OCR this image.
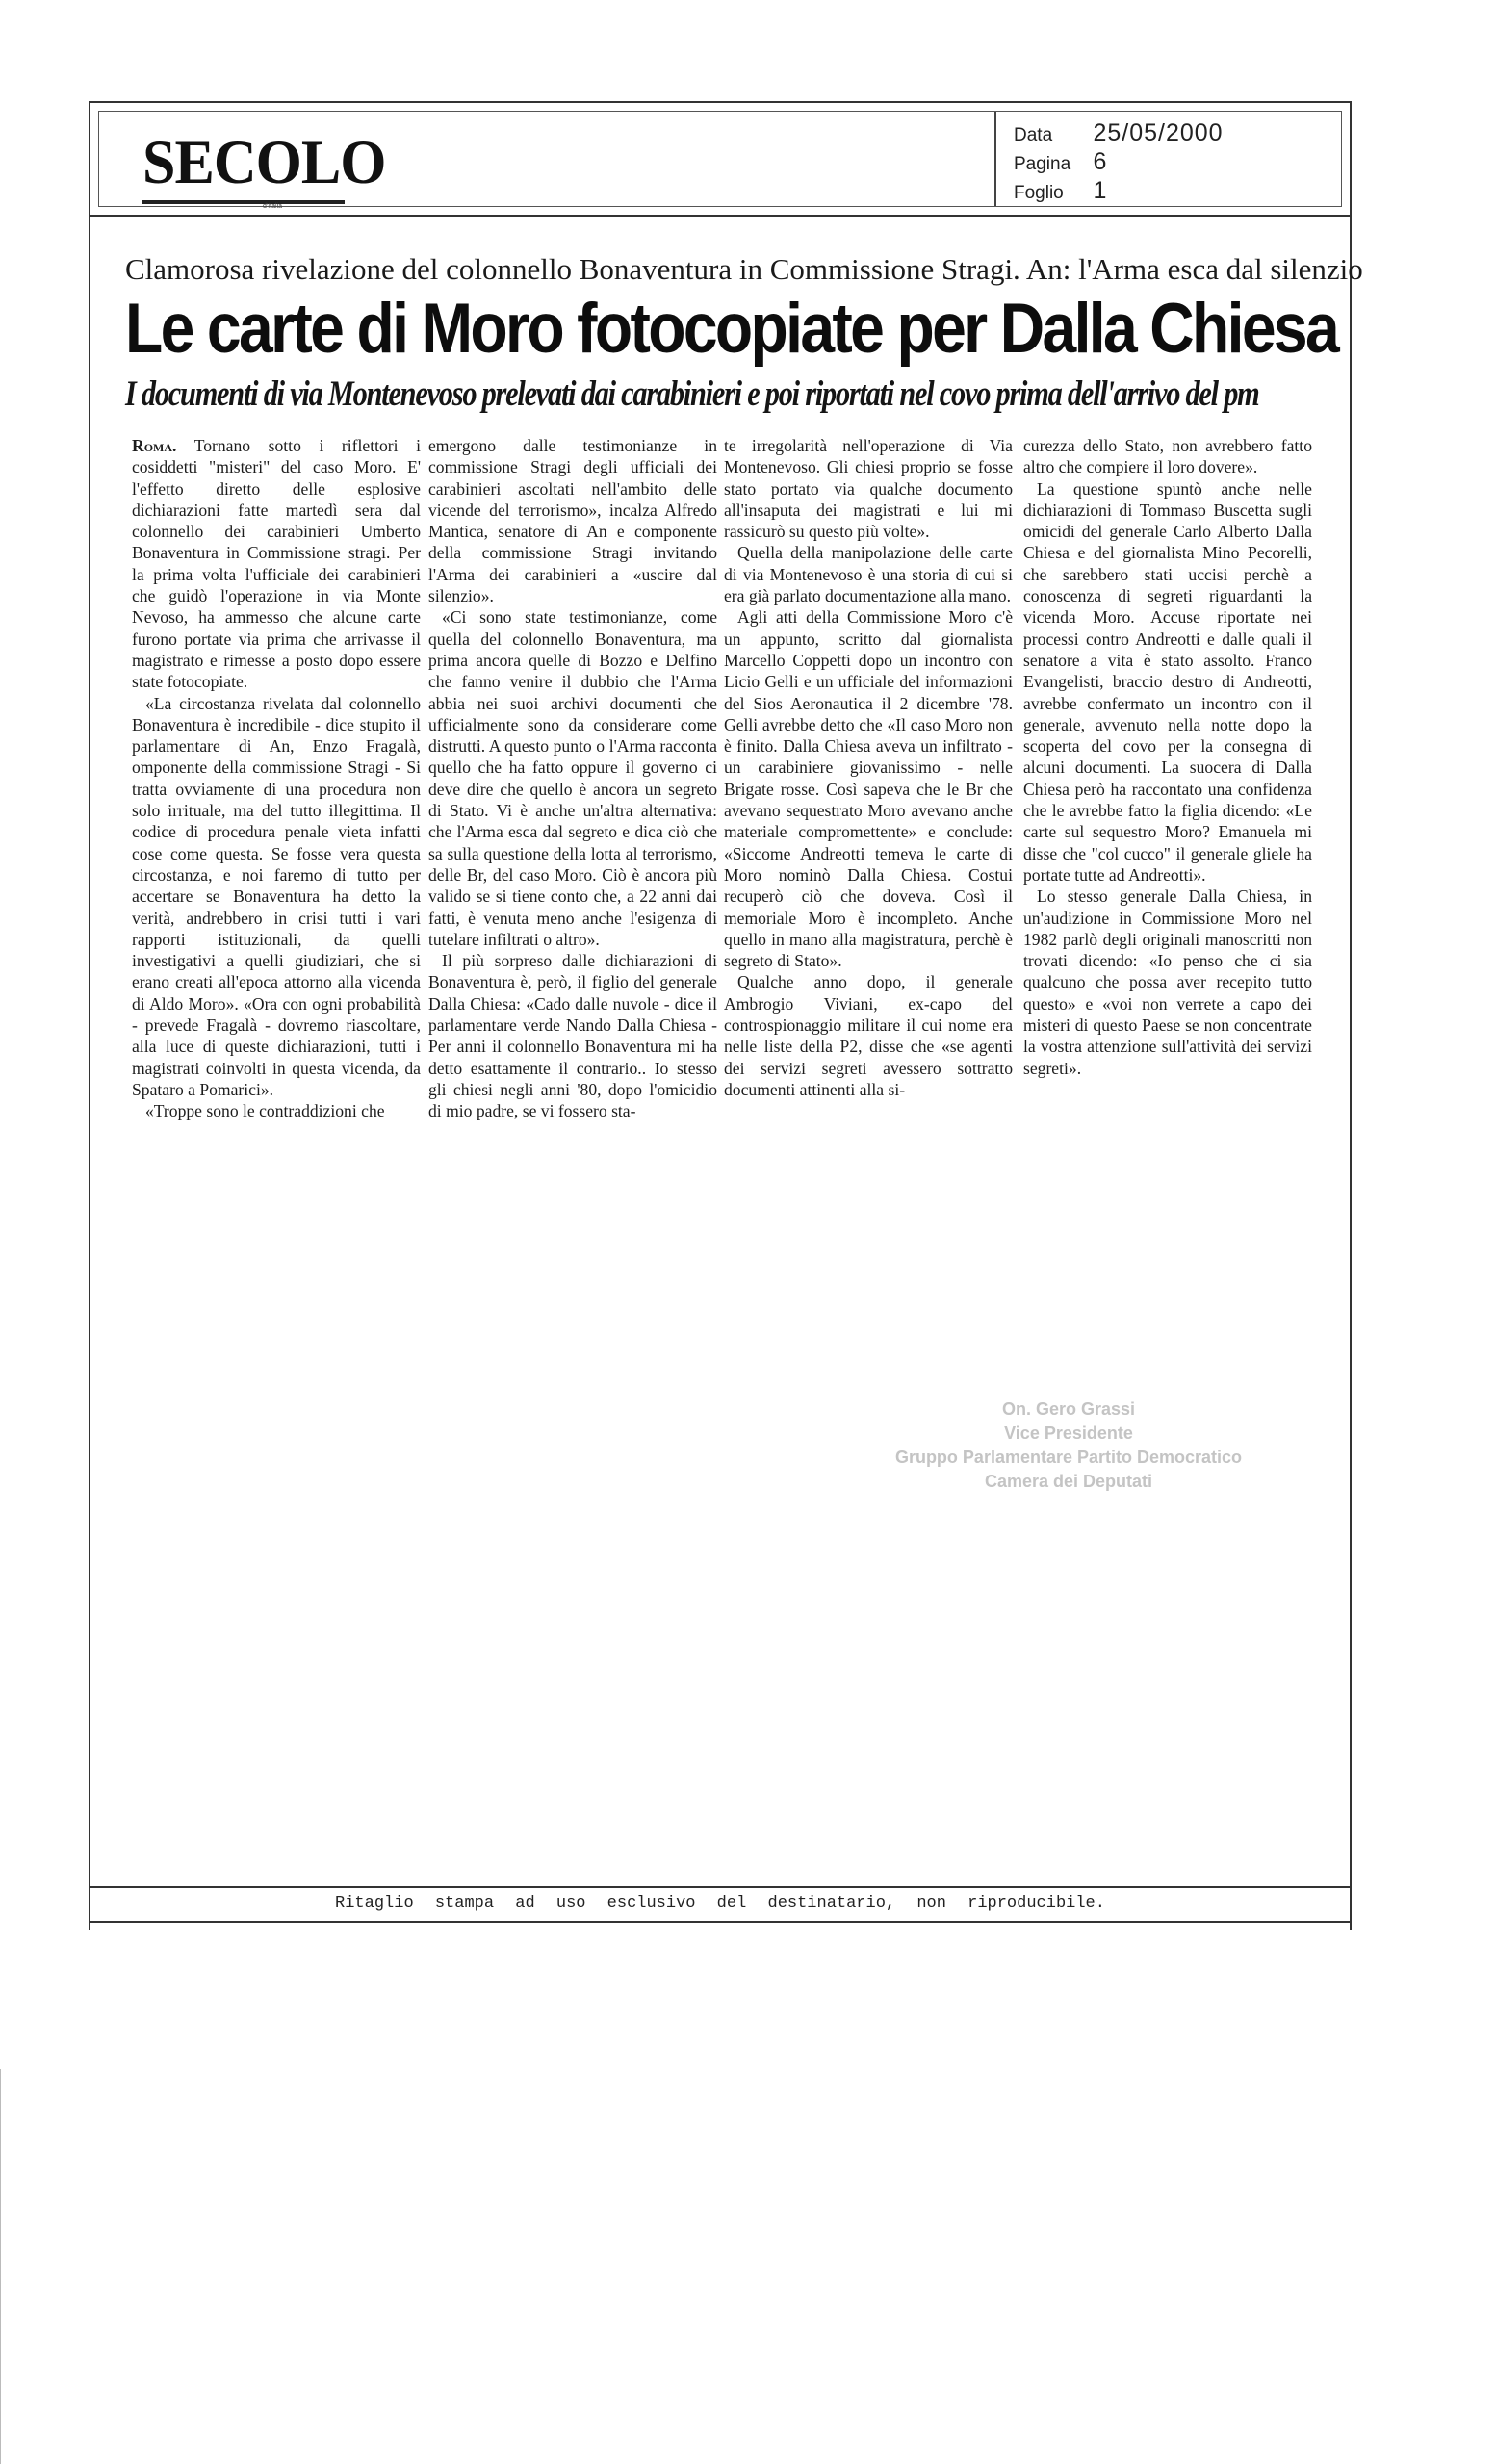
SECOLO
d'Italia
Data 25/05/2000
Pagina 6
Foglio 1
Clamorosa rivelazione del colonnello Bonaventura in Commissione Stragi. An: l'Arma esca dal silenzio
Le carte di Moro fotocopiate per Dalla Chiesa
I documenti di via Montenevoso prelevati dai carabinieri e poi riportati nel covo prima dell'arrivo del pm

Roma. Tornano sotto i riflettori i cosiddetti "misteri" del caso Moro. E' l'effetto diretto delle esplosive dichiarazioni fatte martedì sera dal colonnello dei carabinieri Umberto Bonaventura in Commissione stragi. Per la prima volta l'ufficiale dei carabinieri che guidò l'operazione in via Monte Nevoso, ha ammesso che alcune carte furono portate via prima che arrivasse il magistrato e rimesse a posto dopo essere state fotocopiate.

«La circostanza rivelata dal colonnello Bonaventura è incredibile - dice stupito il parlamentare di An, Enzo Fragalà, omponente della commissione Stragi - Si tratta ovviamente di una procedura non solo irrituale, ma del tutto illegittima. Il codice di procedura penale vieta infatti cose come questa. Se fosse vera questa circostanza, e noi faremo di tutto per accertare se Bonaventura ha detto la verità, andrebbero in crisi tutti i vari rapporti istituzionali, da quelli investigativi a quelli giudiziari, che si erano creati all'epoca attorno alla vicenda di Aldo Moro». «Ora con ogni probabilità - prevede Fragalà - dovremo riascoltare, alla luce di queste dichiarazioni, tutti i magistrati coinvolti in questa vicenda, da Spataro a Pomarici».

«Troppe sono le contraddizioni che

emergono dalle testimonianze in commissione Stragi degli ufficiali dei carabinieri ascoltati nell'ambito delle vicende del terrorismo», incalza Alfredo Mantica, senatore di An e componente della commissione Stragi invitando l'Arma dei carabinieri a «uscire dal silenzio».

«Ci sono state testimonianze, come quella del colonnello Bonaventura, ma prima ancora quelle di Bozzo e Delfino che fanno venire il dubbio che l'Arma abbia nei suoi archivi documenti che ufficialmente sono da considerare come distrutti. A questo punto o l'Arma racconta quello che ha fatto oppure il governo ci deve dire che quello è ancora un segreto di Stato. Vi è anche un'altra alternativa: che l'Arma esca dal segreto e dica ciò che sa sulla questione della lotta al terrorismo, delle Br, del caso Moro. Ciò è ancora più valido se si tiene conto che, a 22 anni dai fatti, è venuta meno anche l'esigenza di tutelare infiltrati o altro».

Il più sorpreso dalle dichiarazioni di Bonaventura è, però, il figlio del generale Dalla Chiesa: «Cado dalle nuvole - dice il parlamentare verde Nando Dalla Chiesa - Per anni il colonnello Bonaventura mi ha detto esattamente il contrario.. Io stesso gli chiesi negli anni '80, dopo l'omicidio di mio padre, se vi fossero sta-

te irregolarità nell'operazione di Via Montenevoso. Gli chiesi proprio se fosse stato portato via qualche documento all'insaputa dei magistrati e lui mi rassicurò su questo più volte».

Quella della manipolazione delle carte di via Montenevoso è una storia di cui si era già parlato documentazione alla mano.

Agli atti della Commissione Moro c'è un appunto, scritto dal giornalista Marcello Coppetti dopo un incontro con Licio Gelli e un ufficiale del informazioni del Sios Aeronautica il 2 dicembre '78. Gelli avrebbe detto che «Il caso Moro non è finito. Dalla Chiesa aveva un infiltrato - un carabiniere giovanissimo - nelle Brigate rosse. Così sapeva che le Br che avevano sequestrato Moro avevano anche materiale compromettente» e conclude: «Siccome Andreotti temeva le carte di Moro nominò Dalla Chiesa. Costui recuperò ciò che doveva. Così il memoriale Moro è incompleto. Anche quello in mano alla magistratura, perchè è segreto di Stato».

Qualche anno dopo, il generale Ambrogio Viviani, ex-capo del controspionaggio militare il cui nome era nelle liste della P2, disse che «se agenti dei servizi segreti avessero sottratto documenti attinenti alla si-

curezza dello Stato, non avrebbero fatto altro che compiere il loro dovere».

La questione spuntò anche nelle dichiarazioni di Tommaso Buscetta sugli omicidi del generale Carlo Alberto Dalla Chiesa e del giornalista Mino Pecorelli, che sarebbero stati uccisi perchè a conoscenza di segreti riguardanti la vicenda Moro. Accuse riportate nei processi contro Andreotti e dalle quali il senatore a vita è stato assolto. Franco Evangelisti, braccio destro di Andreotti, avrebbe confermato un incontro con il generale, avvenuto nella notte dopo la scoperta del covo per la consegna di alcuni documenti. La suocera di Dalla Chiesa però ha raccontato una confidenza che le avrebbe fatto la figlia dicendo: «Le carte sul sequestro Moro? Emanuela mi disse che "col cucco" il generale gliele ha portate tutte ad Andreotti».

Lo stesso generale Dalla Chiesa, in un'audizione in Commissione Moro nel 1982 parlò degli originali manoscritti non trovati dicendo: «Io penso che ci sia qualcuno che possa aver recepito tutto questo» e «voi non verrete a capo dei misteri di questo Paese se non concentrate la vostra attenzione sull'attività dei servizi segreti».

On. Gero Grassi
Vice Presidente
Gruppo Parlamentare Partito Democratico
Camera dei Deputati
Ritaglio stampa ad uso esclusivo del destinatario, non riproducibile.
